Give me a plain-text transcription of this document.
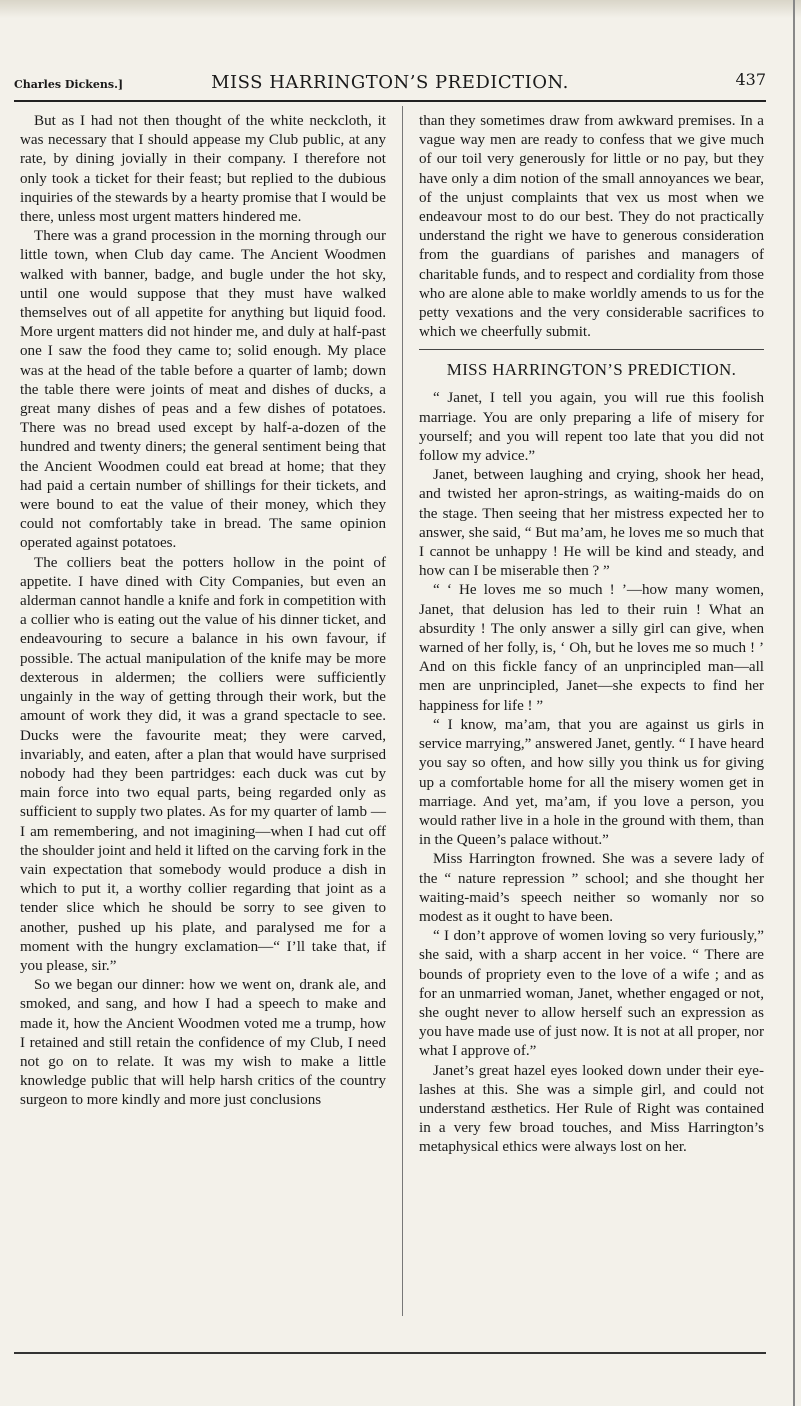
Charles Dickens.]	MISS HARRINGTON’S PREDICTION.	437

But as I had not then thought of the white neckcloth, it was necessary that I should appease my Club public, at any rate, by dining jovially in their company. I therefore not only took a ticket for their feast; but replied to the dubious inquiries of the stewards by a hearty promise that I would be there, unless most urgent matters hindered me.

There was a grand procession in the morning through our little town, when Club day came. The Ancient Woodmen walked with banner, badge, and bugle under the hot sky, until one would suppose that they must have walked themselves out of all appetite for anything but liquid food. More urgent matters did not hinder me, and duly at half-past one I saw the food they came to; solid enough. My place was at the head of the table before a quarter of lamb; down the table there were joints of meat and dishes of ducks, a great many dishes of peas and a few dishes of potatoes. There was no bread used except by half-a-dozen of the hundred and twenty diners; the general sentiment being that the Ancient Woodmen could eat bread at home; that they had paid a certain number of shillings for their tickets, and were bound to eat the value of their money, which they could not comfortably take in bread. The same opinion operated against potatoes.

The colliers beat the potters hollow in the point of appetite. I have dined with City Companies, but even an alderman cannot handle a knife and fork in competition with a collier who is eating out the value of his dinner ticket, and endeavouring to secure a balance in his own favour, if possible. The actual manipulation of the knife may be more dexterous in aldermen; the colliers were sufficiently ungainly in the way of getting through their work, but the amount of work they did, it was a grand spectacle to see. Ducks were the favourite meat; they were carved, invariably, and eaten, after a plan that would have surprised nobody had they been partridges: each duck was cut by main force into two equal parts, being regarded only as sufficient to supply two plates. As for my quarter of lamb — I am remembering, and not imagining—when I had cut off the shoulder joint and held it lifted on the carving fork in the vain expectation that somebody would produce a dish in which to put it, a worthy collier regarding that joint as a tender slice which he should be sorry to see given to another, pushed up his plate, and paralysed me for a moment with the hungry exclamation—“ I’ll take that, if you please, sir.”

So we began our dinner: how we went on, drank ale, and smoked, and sang, and how I had a speech to make and made it, how the Ancient Woodmen voted me a trump, how I retained and still retain the confidence of my Club, I need not go on to relate. It was my wish to make a little knowledge public that will help harsh critics of the country surgeon to more kindly and more just conclusions

than they sometimes draw from awkward premises. In a vague way men are ready to confess that we give much of our toil very generously for little or no pay, but they have only a dim notion of the small annoyances we bear, of the unjust complaints that vex us most when we endeavour most to do our best. They do not practically understand the right we have to generous consideration from the guardians of parishes and managers of charitable funds, and to respect and cordiality from those who are alone able to make worldly amends to us for the petty vexations and the very considerable sacrifices to which we cheerfully submit.

MISS HARRINGTON’S PREDICTION.

“ Janet, I tell you again, you will rue this foolish marriage. You are only preparing a life of misery for yourself; and you will repent too late that you did not follow my advice.”

Janet, between laughing and crying, shook her head, and twisted her apron-strings, as waiting-maids do on the stage. Then seeing that her mistress expected her to answer, she said, “ But ma’am, he loves me so much that I cannot be unhappy ! He will be kind and steady, and how can I be miserable then ? ”

“ ‘ He loves me so much ! ’—how many women, Janet, that delusion has led to their ruin ! What an absurdity ! The only answer a silly girl can give, when warned of her folly, is, ‘ Oh, but he loves me so much ! ’ And on this fickle fancy of an unprincipled man—all men are unprincipled, Janet—she expects to find her happiness for life ! ”

“ I know, ma’am, that you are against us girls in service marrying,” answered Janet, gently. “ I have heard you say so often, and how silly you think us for giving up a comfortable home for all the misery women get in marriage. And yet, ma’am, if you love a person, you would rather live in a hole in the ground with them, than in the Queen’s palace without.”

Miss Harrington frowned. She was a severe lady of the “ nature repression ” school; and she thought her waiting-maid’s speech neither so womanly nor so modest as it ought to have been.

“ I don’t approve of women loving so very furiously,” she said, with a sharp accent in her voice. “ There are bounds of propriety even to the love of a wife ; and as for an unmarried woman, Janet, whether engaged or not, she ought never to allow herself such an expression as you have made use of just now. It is not at all proper, nor what I approve of.”

Janet’s great hazel eyes looked down under their eye-lashes at this. She was a simple girl, and could not understand æsthetics. Her Rule of Right was contained in a very few broad touches, and Miss Harrington’s metaphysical ethics were always lost on her.
